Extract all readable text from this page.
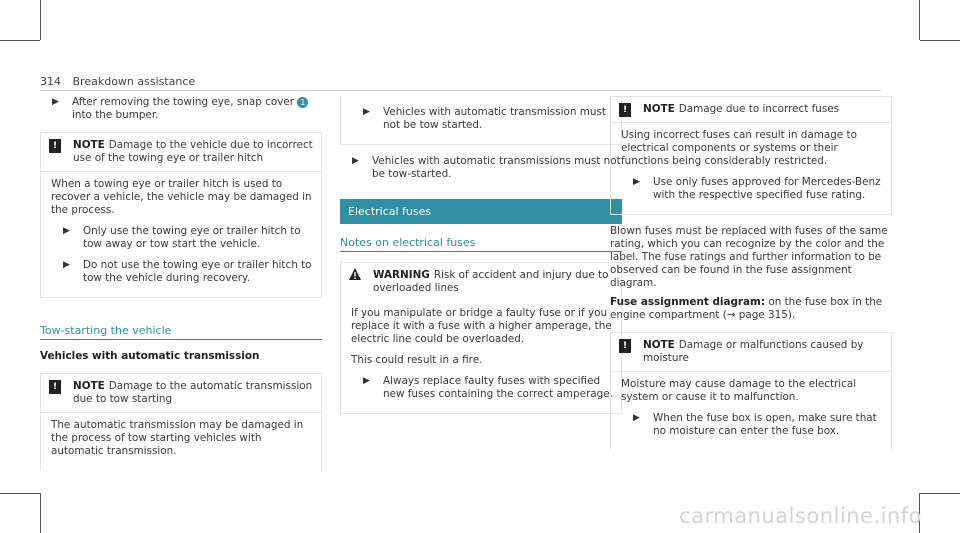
314 Breakdown assistance
▶ After removing the towing eye, snap cover 1
into the bumper.
!	NOTE Damage to the vehicle due to incorrect use of the towing eye or trailer hitch

When a towing eye or trailer hitch is used to recover a vehicle, the vehicle may be damaged in the process.

▶ Only use the towing eye or trailer hitch to tow away or tow start the vehicle.
▶ Do not use the towing eye or trailer hitch to tow the vehicle during recovery.
Tow-starting the vehicle
Vehicles with automatic transmission
!	NOTE Damage to the automatic transmission due to tow starting

The automatic transmission may be damaged in the process of tow starting vehicles with automatic transmission.

▶ Vehicles with automatic transmission must not be tow started.
▶ Vehicles with automatic transmissions must not be tow-started.
Electrical fuses
Notes on electrical fuses
WARNING Risk of accident and injury due to overloaded lines

If you manipulate or bridge a faulty fuse or if you replace it with a fuse with a higher amperage, the electric line could be overloaded.

This could result in a fire.

▶ Always replace faulty fuses with specified new fuses containing the correct amperage.
!	NOTE Damage due to incorrect fuses

Using incorrect fuses can result in damage to electrical components or systems or their functions being considerably restricted.

▶ Use only fuses approved for Mercedes-Benz with the respective specified fuse rating.

Blown fuses must be replaced with fuses of the same rating, which you can recognize by the color and the label. The fuse ratings and further information to be observed can be found in the fuse assignment diagram.

Fuse assignment diagram: on the fuse box in the engine compartment (→ page 315).

!	NOTE Damage or malfunctions caused by moisture

Moisture may cause damage to the electrical system or cause it to malfunction.

▶ When the fuse box is open, make sure that no moisture can enter the fuse box.
carmanualsonline.info
